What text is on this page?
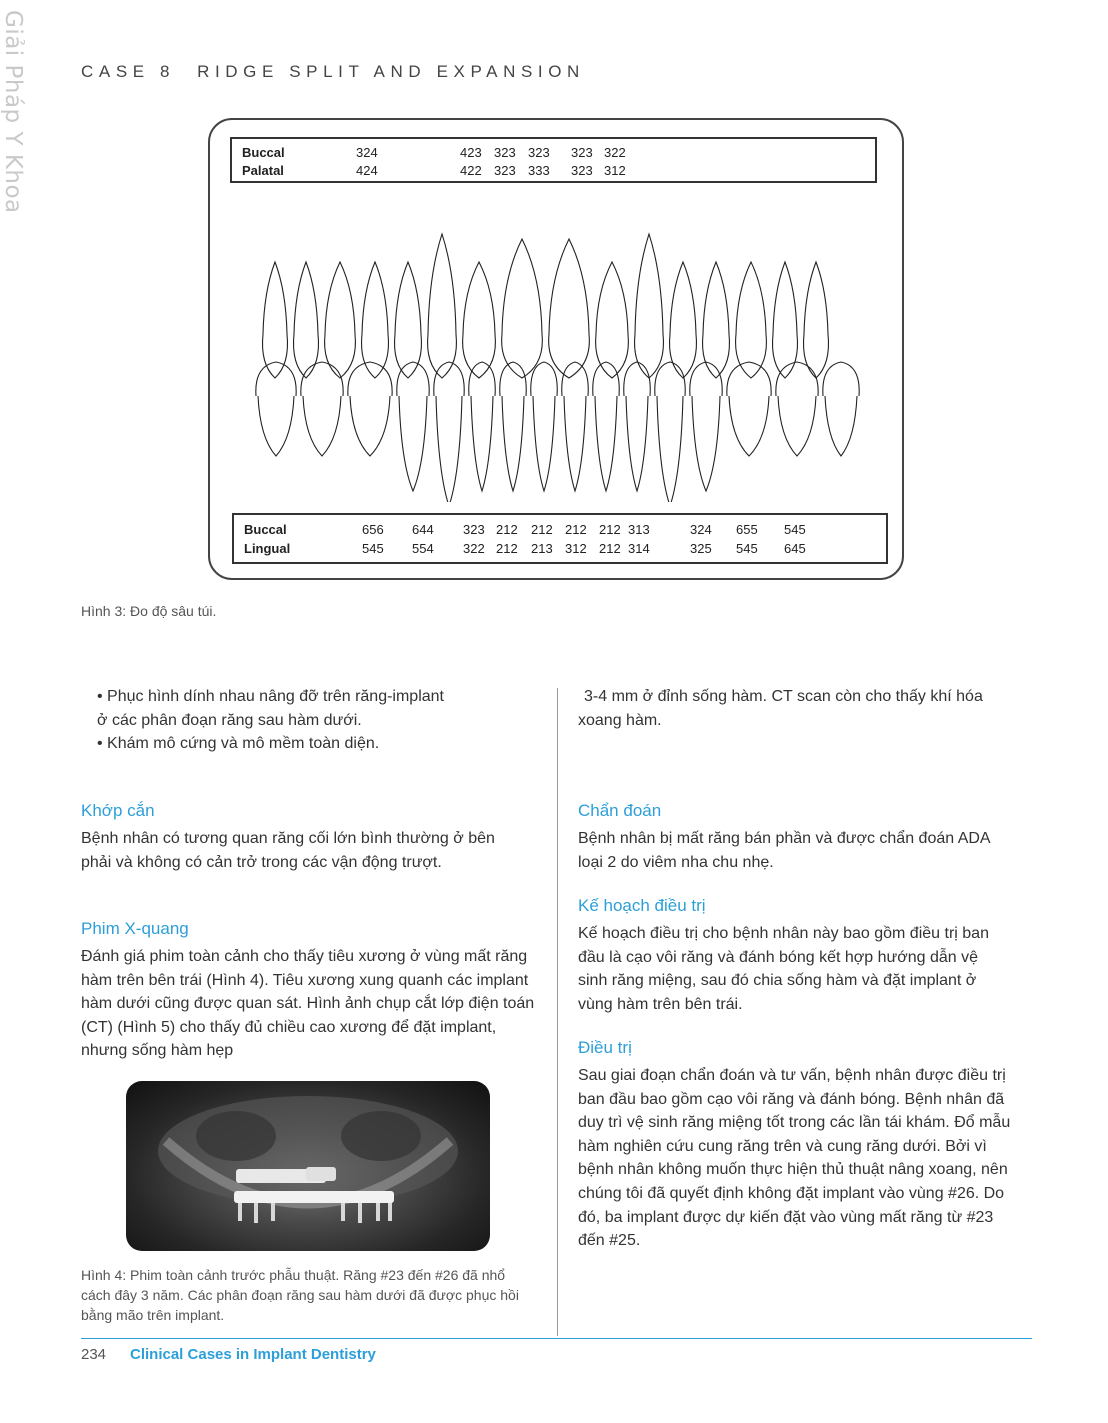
Giải Pháp Y Khoa	CASE 8 RIDGE SPLIT AND EXPANSION
Buccal	324	423 323 323 323 322
Palatal	424	422 323 333 323 312
Buccal	656 644 323 212 212 212 212 313	324 655 545
Lingual	545 554 322 212 213 312 212 314	325 545 645
Hình 3: Đo độ sâu túi.
• Phục hình dính nhau nâng đỡ trên răng-implant
ở các phân đoạn răng sau hàm dưới.
• Khám mô cứng và mô mềm toàn diện.
Khớp cắn
Bệnh nhân có tương quan răng cối lớn bình thường ở bên phải và không có cản trở trong các vận động trượt.
Phim X-quang
Đánh giá phim toàn cảnh cho thấy tiêu xương ở vùng mất răng hàm trên bên trái (Hình 4). Tiêu xương xung quanh các implant hàm dưới cũng được quan sát. Hình ảnh chụp cắt lớp điện toán (CT) (Hình 5) cho thấy đủ chiều cao xương để đặt implant, nhưng sống hàm hẹp
Hình 4: Phim toàn cảnh trước phẫu thuật. Răng #23 đến #26 đã nhổ cách đây 3 năm. Các phân đoạn răng sau hàm dưới đã được phục hồi bằng mão trên implant.
3-4 mm ở đỉnh sống hàm. CT scan còn cho thấy khí hóa xoang hàm.
Chẩn đoán
Bệnh nhân bị mất răng bán phần và được chẩn đoán ADA loại 2 do viêm nha chu nhẹ.
Kế hoạch điều trị
Kế hoạch điều trị cho bệnh nhân này bao gồm điều trị ban đầu là cạo vôi răng và đánh bóng kết hợp hướng dẫn vệ sinh răng miệng, sau đó chia sống hàm và đặt implant ở vùng hàm trên bên trái.
Điều trị
Sau giai đoạn chẩn đoán và tư vấn, bệnh nhân được điều trị ban đầu bao gồm cạo vôi răng và đánh bóng. Bệnh nhân đã duy trì vệ sinh răng miệng tốt trong các lần tái khám. Đổ mẫu hàm nghiên cứu cung răng trên và cung răng dưới. Bởi vì bệnh nhân không muốn thực hiện thủ thuật nâng xoang, nên chúng tôi đã quyết định không đặt implant vào vùng #26. Do đó, ba implant được dự kiến đặt vào vùng mất răng từ #23 đến #25.
234 Clinical Cases in Implant Dentistry
